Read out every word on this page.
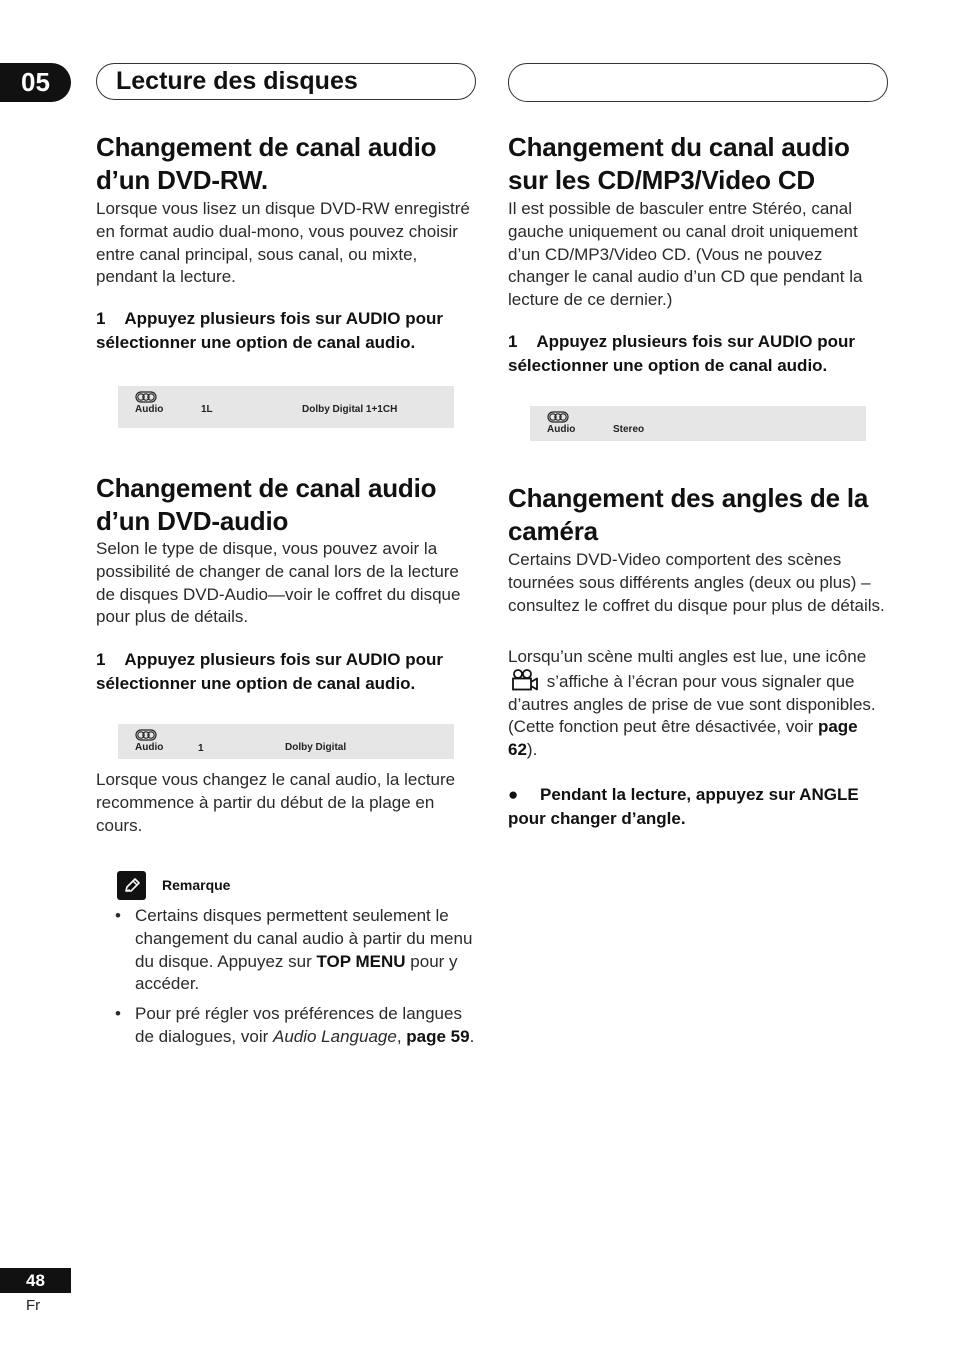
05	Lecture des disques
Changement de canal audio
d’un DVD-RW.

Lorsque vous lisez un disque DVD-RW enregistré en format audio dual-mono, vous pouvez choisir entre canal principal, sous canal, ou mixte, pendant la lecture.

1    Appuyez plusieurs fois sur AUDIO pour sélectionner une option de canal audio.

Changement de canal audio
d’un DVD-audio

Selon le type de disque, vous pouvez avoir la possibilité de changer de canal lors de la lecture de disques DVD-Audio—voir le coffret du disque pour plus de détails.

1    Appuyez plusieurs fois sur AUDIO pour sélectionner une option de canal audio.

Lorsque vous changez le canal audio, la lecture recommence à partir du début de la plage en cours.

Audio	1L	Dolby Digital 1+1CH
Audio	1	Dolby Digital
Remarque
• Certains disques permettent seulement le changement du canal audio à partir du menu du disque. Appuyez sur TOP MENU pour y accéder.
• Pour pré régler vos préférences de langues de dialogues, voir Audio Language, page 59.
Changement du canal audio
sur les CD/MP3/Video CD

Il est possible de basculer entre Stéréo, canal gauche uniquement ou canal droit uniquement d’un CD/MP3/Video CD. (Vous ne pouvez changer le canal audio d’un CD que pendant la lecture de ce dernier.)

1    Appuyez plusieurs fois sur AUDIO pour sélectionner une option de canal audio.

Changement des angles de la
caméra

Certains DVD-Video comportent des scènes tournées sous différents angles (deux ou plus) – consultez le coffret du disque pour plus de détails.

Lorsqu’un scène multi angles est lue, une icône  s’affiche à l’écran pour vous signaler que d’autres angles de prise de vue sont disponibles. (Cette fonction peut être désactivée, voir page 62).

Audio	Stereo
● Pendant la lecture, appuyez sur ANGLE pour changer d’angle.
48
Fr
